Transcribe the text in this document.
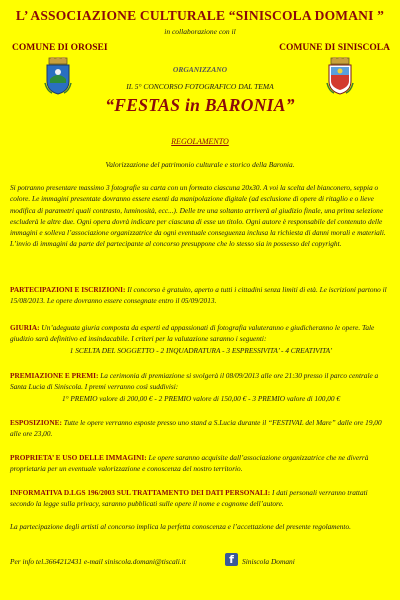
L’ ASSOCIAZIONE CULTURALE “SINISCOLA DOMANI ”
in collaborazione con il
COMUNE DI OROSEI	COMUNE DI SINISCOLA
ORGANIZZANO
IL 5° CONCORSO FOTOGRAFICO DAL TEMA
“FESTAS in BARONIA”
REGOLAMENTO
Valorizzazione del patrimonio culturale e storico della Baronia.
Si potranno presentare massimo 3 fotografie su carta con un formato ciascuna 20x30. A voi la scelta del bianconero, seppia o colore. Le immagini presentate dovranno essere esenti da manipolazione digitale (ad esclusione di opere di ritaglio e o lieve modifica di parametri quali contrasto, luminosità, ecc...). Delle tre una soltanto arriverà al giudizio finale, una prima selezione escluderà le altre due. Ogni opera dovrà indicare per ciascuna di esse un titolo. Ogni autore è responsabile del contenuto delle immagini e solleva l’associazione organizzatrice da ogni eventuale conseguenza inclusa la richiesta di danni morali e materiali. L’invio di immagini da parte del partecipante al concorso presuppone che lo stesso sia in possesso del copyright.
PARTECIPAZIONI E ISCRIZIONI: Il concorso è gratuito, aperto a tutti i cittadini senza limiti di età. Le iscrizioni partono il 15/08/2013. Le opere dovranno essere consegnate entro il 05/09/2013.
GIURIA: Un’adeguata giuria composta da esperti ed appassionati di fotografia valuteranno e giudicheranno le opere. Tale giudizio sarà definitivo ed insindacabile. I criteri per la valutazione saranno i seguenti:
1 SCELTA DEL SOGGETTO - 2 INQUADRATURA - 3 ESPRESSIVITA’ - 4 CREATIVITA’
PREMIAZIONE E PREMI: La cerimonia di premiazione si svolgerà il 08/09/2013 alle ore 21:30 presso il parco centrale a Santa Lucia di Siniscola. I premi verranno così suddivisi:
1° PREMIO valore di 200,00 € - 2 PREMIO valore di 150,00 € - 3 PREMIO valore di 100,00 €
ESPOSIZIONE: Tutte le opere verranno esposte presso uno stand a S.Lucia durante il “FESTIVAL del Mare” dalle ore 19,00 alle ore 23,00.
PROPRIETA’ E USO DELLE IMMAGINI: Le opere saranno acquisite dall’associazione organizzatrice che ne diverrà proprietaria per un eventuale valorizzazione e conoscenza del nostro territorio.
INFORMATIVA D.LGS 196/2003 SUL TRATTAMENTO DEI DATI PERSONALI: I dati personali verranno trattati secondo la legge sulla privacy, saranno pubblicati sulle opere il nome e cognome dell’autore.
La partecipazione degli artisti al concorso implica la perfetta conoscenza e l’accettazione del presente regolamento.
Per info tel.3664212431 e-mail siniscola.domani@tiscali.it	f	Siniscola Domani
